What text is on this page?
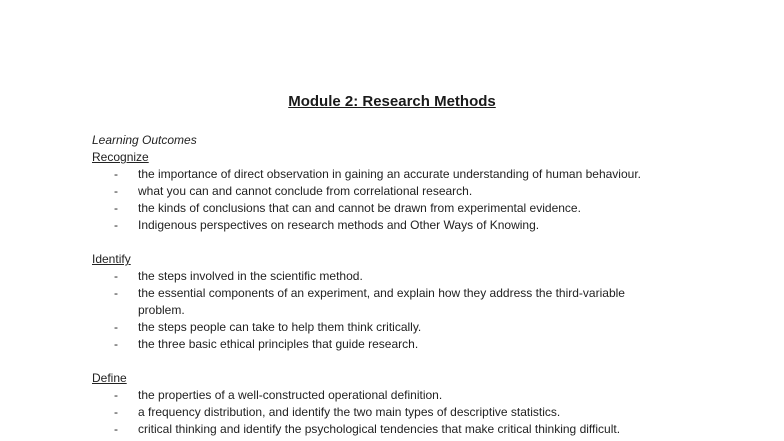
Module 2: Research Methods
Learning Outcomes
Recognize
-	the importance of direct observation in gaining an accurate understanding of human behaviour.
-	what you can and cannot conclude from correlational research.
-	the kinds of conclusions that can and cannot be drawn from experimental evidence.
-	Indigenous perspectives on research methods and Other Ways of Knowing.
Identify
-	the steps involved in the scientific method.
-	the essential components of an experiment, and explain how they address the third-variable problem.
-	the steps people can take to help them think critically.
-	the three basic ethical principles that guide research.
Define
-	the properties of a well-constructed operational definition.
-	a frequency distribution, and identify the two main types of descriptive statistics.
-	critical thinking and identify the psychological tendencies that make critical thinking difficult.
